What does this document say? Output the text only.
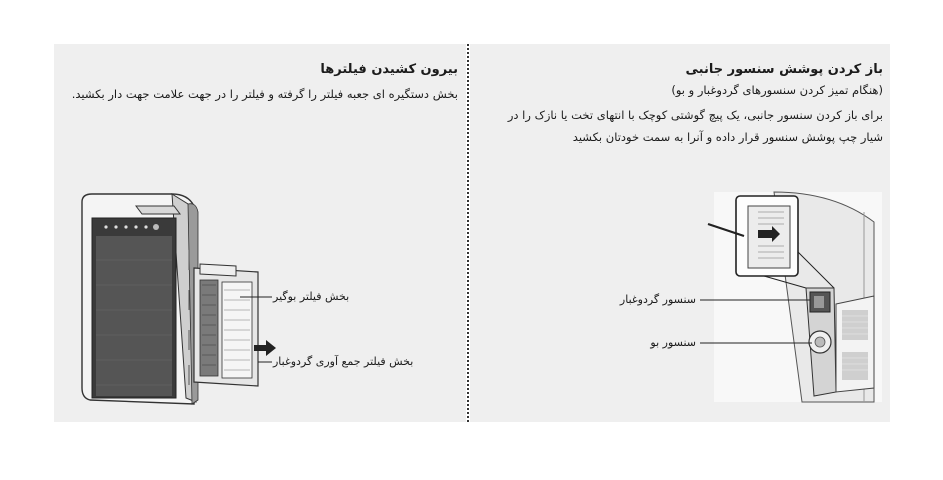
بیرون کشیدن فیلترها
بخش دستگیره ای جعبه فیلتر را گرفته و فیلتر را در جهت علامت جهت دار بکشید.
باز کردن پوشش سنسور جانبی
(هنگام تمیز کردن سنسورهای گردوغبار و بو)
برای باز کردن سنسور جانبی، یک پیچ گوشتی کوچک با انتهای تخت یا نازک را در شیار چپ پوشش سنسور قرار داده و آنرا به سمت خودتان بکشید
بخش فیلتر بوگیر
بخش فیلتر جمع آوری گردوغبار
سنسور گردوغبار
سنسور بو
